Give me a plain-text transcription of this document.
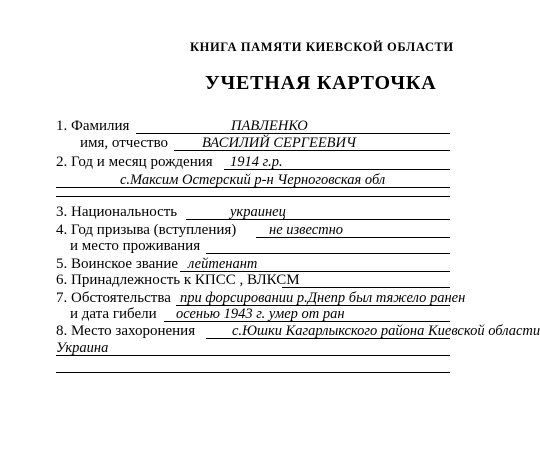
КНИГА ПАМЯТИ КИЕВСКОЙ ОБЛАСТИ
УЧЕТНАЯ КАРТОЧКА
1. Фамилия	ПАВЛЕНКО
имя, отчество ВАСИЛИЙ СЕРГЕЕВИЧ
2. Год и месяц рождения 1914 г.р.
с.Максим Остерский р-н Черноговская обл
3. Национальность	украинец
4. Год призыва (вступления) не известно
и место проживания
5. Воинское звание лейтенант
6. Принадлежность к КПСС , ВЛКСМ
7. Обстоятельства при форсировании р.Днепр был тяжело ранен
и дата гибели осенью 1943 г. умер от ран
8. Место захоронения	с.Юшки Кагарлыкского района Киевской области
Украина
